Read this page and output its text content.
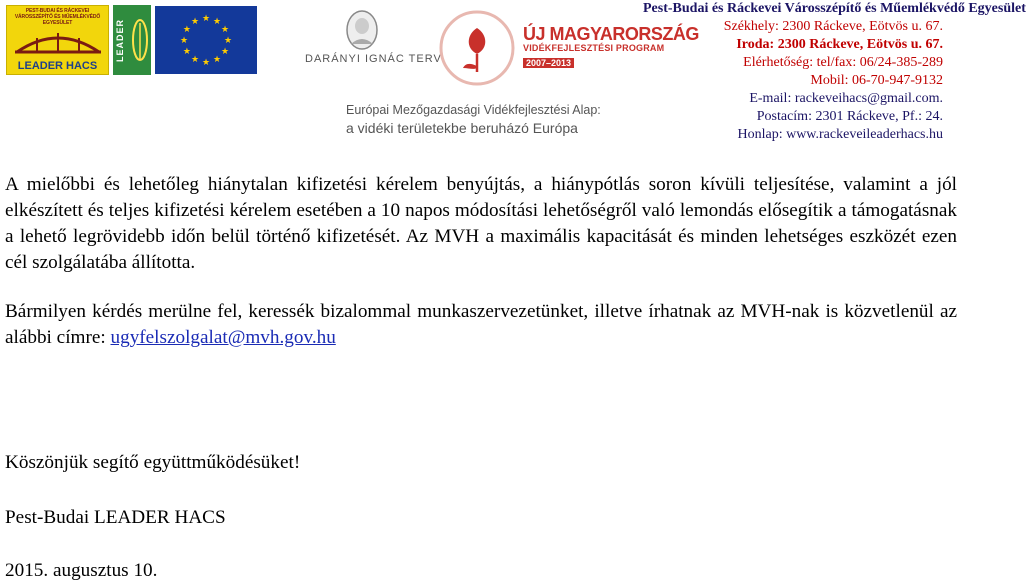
PEST-BUDAI ÉS RÁCKEVEI VÁROSSZÉPÍTŐ ÉS MŰEMLÉKVÉDŐ EGYESÜLET
LEADER HACS
LEADER
★ ★
★
★
★
★
★
★
★
★
★
★
DARÁNYI IGNÁC TERV
ÚJ MAGYARORSZÁG
VIDÉKFEJLESZTÉSI PROGRAM
2007–2013
Európai Mezőgazdasági Vidékfejlesztési Alap:
a vidéki területekbe beruházó Európa
Pest-Budai és Ráckevei Városszépítő és Műemlékvédő Egyesület
Székhely: 2300 Ráckeve, Eötvös u. 67.
Iroda: 2300 Ráckeve, Eötvös u. 67.
Elérhetőség: tel/fax: 06/24-385-289
Mobil: 06-70-947-9132
E-mail: rackeveihacs@gmail.com.
Postacím: 2301 Ráckeve, Pf.: 24.
Honlap: www.rackeveileaderhacs.hu

A mielőbbi és lehetőleg hiánytalan kifizetési kérelem benyújtás, a hiánypótlás soron kívüli teljesítése, valamint a jól elkészített és teljes kifizetési kérelem esetében a 10 napos módosítási lehetőségről való lemondás elősegítik a támogatásnak a lehető legrövidebb időn belül történő kifizetését. Az MVH a maximális kapacitását és minden lehetséges eszközét ezen cél szolgálatába állította.

Bármilyen kérdés merülne fel, keressék bizalommal munkaszervezetünket, illetve írhatnak az MVH-nak is közvetlenül az alábbi címre: ugyfelszolgalat@mvh.gov.hu

Köszönjük segítő együttműködésüket!
Pest-Budai LEADER HACS
2015. augusztus 10.
